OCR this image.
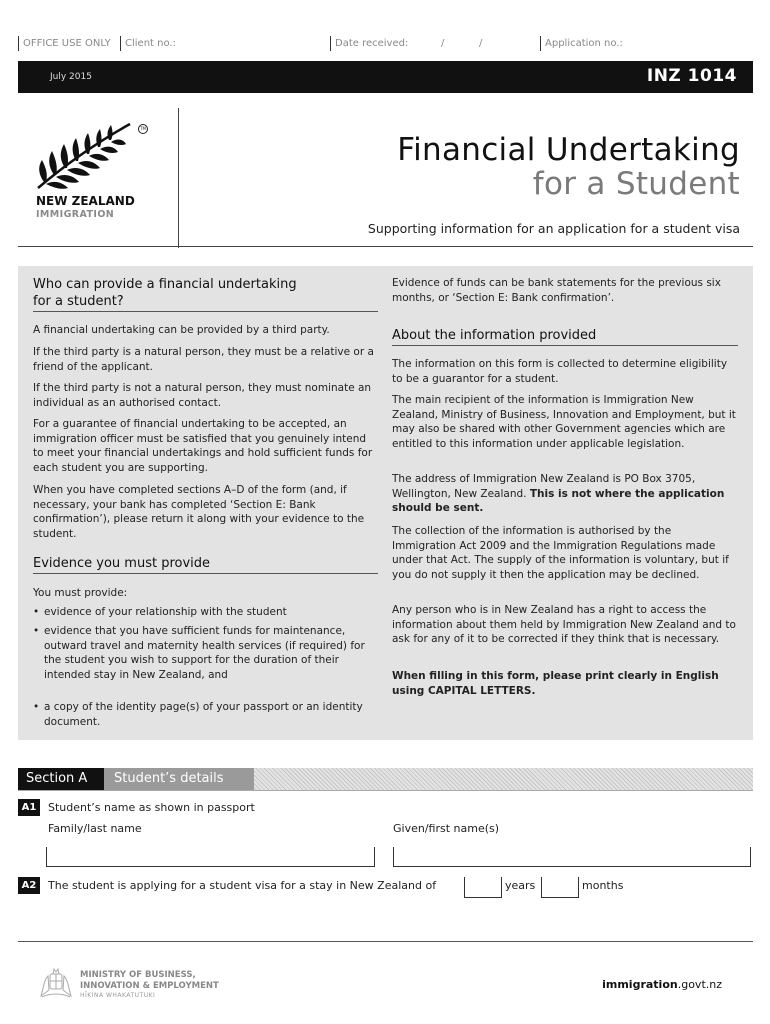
OFFICE USE ONLY	Client no.:	Date received:	/	/	Application no.:
July 2015	INZ 1014
TM
NEW ZEALAND
IMMIGRATION
Financial Undertaking
for a Student
Supporting information for an application for a student visa
Who can provide a financial undertaking
for a student?

A financial undertaking can be provided by a third party.

If the third party is a natural person, they must be a relative or a friend of the applicant.

If the third party is not a natural person, they must nominate an individual as an authorised contact.

For a guarantee of financial undertaking to be accepted, an immigration officer must be satisfied that you genuinely intend to meet your financial undertakings and hold sufficient funds for each student you are supporting.

When you have completed sections A–D of the form (and, if necessary, your bank has completed ‘Section E: Bank confirmation’), please return it along with your evidence to the student.

Evidence you must provide

You must provide:

• evidence of your relationship with the student
• evidence that you have sufficient funds for maintenance, outward travel and maternity health services (if required) for the student you wish to support for the duration of their intended stay in New Zealand, and
• a copy of the identity page(s) of your passport or an identity document.

Evidence of funds can be bank statements for the previous six months, or ‘Section E: Bank confirmation’.

About the information provided

The information on this form is collected to determine eligibility to be a guarantor for a student.

The main recipient of the information is Immigration New Zealand, Ministry of Business, Innovation and Employment, but it may also be shared with other Government agencies which are entitled to this information under applicable legislation.

The address of Immigration New Zealand is PO Box 3705, Wellington, New Zealand. This is not where the application should be sent.

The collection of the information is authorised by the Immigration Act 2009 and the Immigration Regulations made under that Act. The supply of the information is voluntary, but if you do not supply it then the application may be declined.

Any person who is in New Zealand has a right to access the information about them held by Immigration New Zealand and to ask for any of it to be corrected if they think that is necessary.

When filling in this form, please print clearly in English using CAPITAL LETTERS.

Section A	Student’s details
A1	Student’s name as shown in passport
Family/last name	Given/first name(s)
A2	The student is applying for a student visa for a stay in New Zealand of	years	months
MINISTRY OF BUSINESS,
INNOVATION & EMPLOYMENT
HĪKINA WHAKATUTUKI
immigration.govt.nz
